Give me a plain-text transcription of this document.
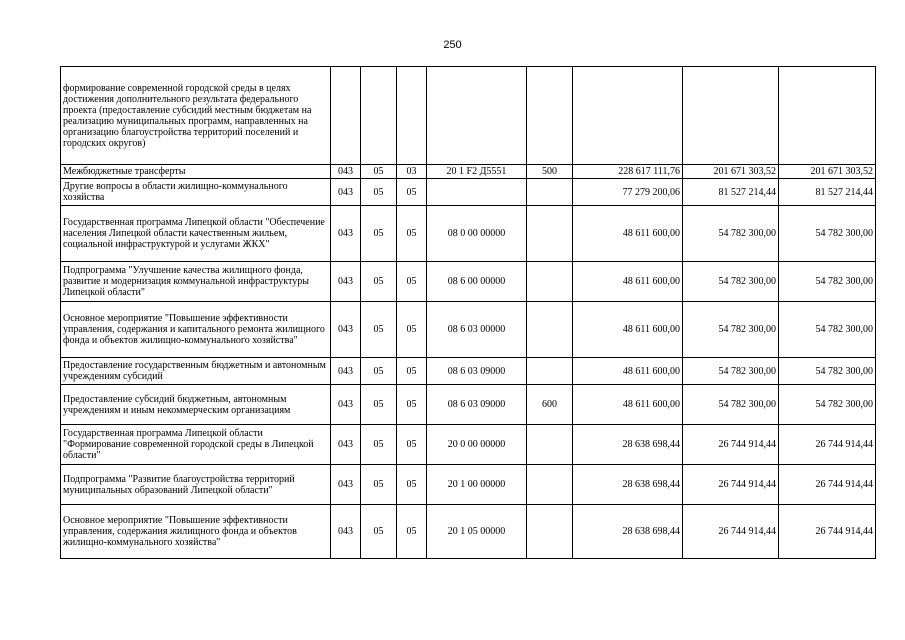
250
формирование современной городской среды в целях достижения дополнительного результата федерального проекта (предоставление субсидий местным бюджетам на реализацию муниципальных программ, направленных на организацию благоустройства территорий поселений и городских округов)								
Межбюджетные трансферты	043	05	03	20 1 F2 Д5551	500	228 617 111,76	201 671 303,52	201 671 303,52
Другие вопросы в области жилищно-коммунального хозяйства	043	05	05			77 279 200,06	81 527 214,44	81 527 214,44
Государственная программа Липецкой области "Обеспечение населения Липецкой области качественным жильем, социальной инфраструктурой и услугами ЖКХ"	043	05	05	08 0 00 00000		48 611 600,00	54 782 300,00	54 782 300,00
Подпрограмма "Улучшение качества жилищного фонда, развитие и модернизация коммунальной инфраструктуры Липецкой области"	043	05	05	08 6 00 00000		48 611 600,00	54 782 300,00	54 782 300,00
Основное мероприятие "Повышение эффективности управления, содержания и капитального ремонта жилищного фонда и объектов жилищно-коммунального хозяйства"	043	05	05	08 6 03 00000		48 611 600,00	54 782 300,00	54 782 300,00
Предоставление государственным бюджетным и автономным учреждениям субсидий	043	05	05	08 6 03 09000		48 611 600,00	54 782 300,00	54 782 300,00
Предоставление субсидий бюджетным, автономным учреждениям и иным некоммерческим организациям	043	05	05	08 6 03 09000	600	48 611 600,00	54 782 300,00	54 782 300,00
Государственная программа Липецкой области "Формирование современной городской среды в Липецкой области"	043	05	05	20 0 00 00000		28 638 698,44	26 744 914,44	26 744 914,44
Подпрограмма "Развитие благоустройства территорий муниципальных образований Липецкой области"	043	05	05	20 1 00 00000		28 638 698,44	26 744 914,44	26 744 914,44
Основное мероприятие "Повышение эффективности управления, содержания жилищного фонда и объектов жилищно-коммунального хозяйства"	043	05	05	20 1 05 00000		28 638 698,44	26 744 914,44	26 744 914,44
